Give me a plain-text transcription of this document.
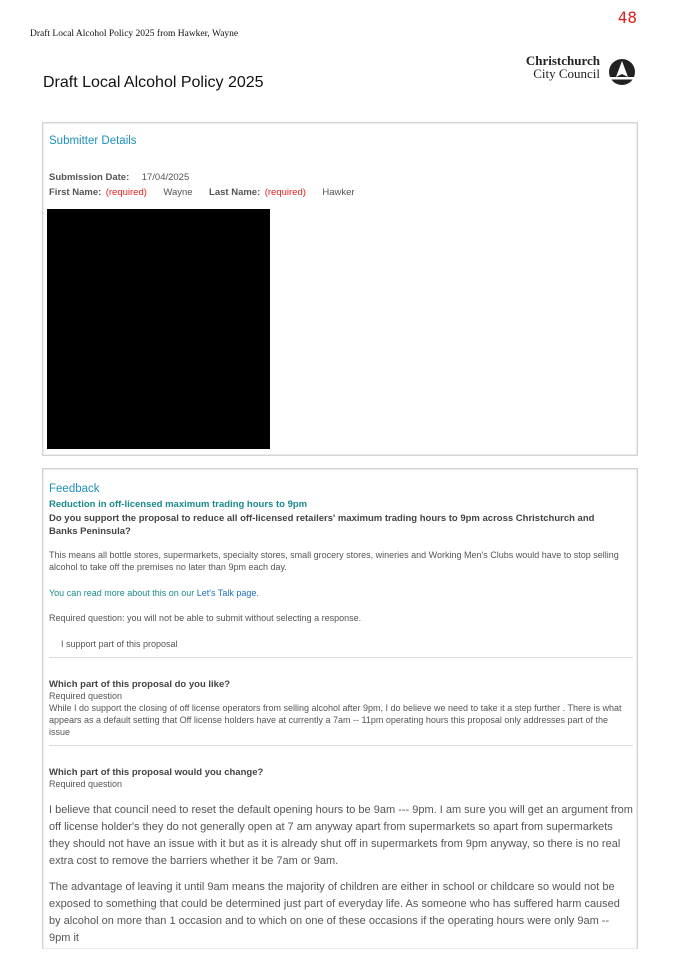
48
Draft Local Alcohol Policy 2025 from Hawker, Wayne
Draft Local Alcohol Policy 2025
Christchurch
City Council
Submitter Details
Submission Date: 17/04/2025
First Name: (required) Wayne Last Name: (required) Hawker
Feedback
Reduction in off-licensed maximum trading hours to 9pm
Do you support the proposal to reduce all off-licensed retailers' maximum trading hours to 9pm across Christchurch and Banks Peninsula?
This means all bottle stores, supermarkets, specialty stores, small grocery stores, wineries and Working Men's Clubs would have to stop selling alcohol to take off the premises no later than 9pm each day.
You can read more about this on our Let's Talk page.
Required question: you will not be able to submit without selecting a response.
I support part of this proposal
Which part of this proposal do you like?
Required question
While I do support the closing of off license operators from selling alcohol after 9pm, I do believe we need to take it a step further . There is what appears as a default setting that Off license holders have at currently a 7am -- 11pm operating hours this proposal only addresses part of the issue
Which part of this proposal would you change?
Required question
I believe that council need to reset the default opening hours to be 9am --- 9pm. I am sure you will get an argument from off license holder's they do not generally open at 7 am anyway apart from supermarkets so apart from supermarkets they should not have an issue with it but as it is already shut off in supermarkets from 9pm anyway, so there is no real extra cost to remove the barriers whether it be 7am or 9am.
The advantage of leaving it until 9am means the majority of children are either in school or childcare so would not be exposed to something that could be determined just part of everyday life. As someone who has suffered harm caused by alcohol on more than 1 occasion and to which on one of these occasions if the operating hours were only 9am -- 9pm it
